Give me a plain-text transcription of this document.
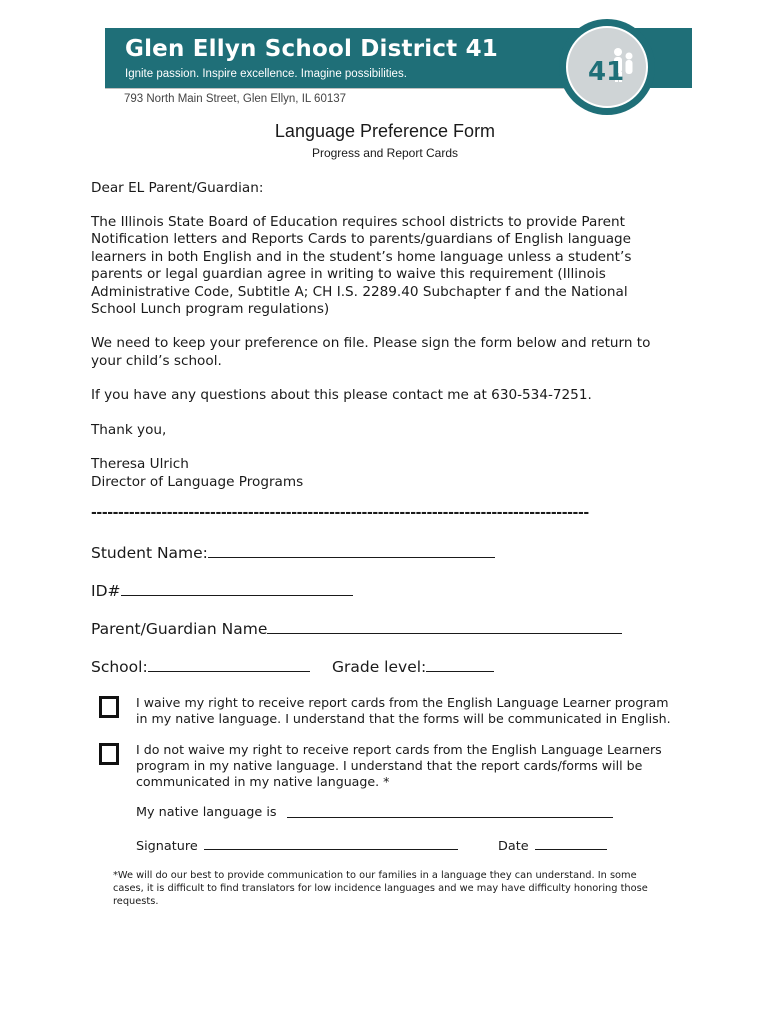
Glen Ellyn School District 41
Ignite passion. Inspire excellence. Imagine possibilities.
793 North Main Street, Glen Ellyn, IL 60137
41
Language Preference Form
Progress and Report Cards
Dear EL Parent/Guardian:
The Illinois State Board of Education requires school districts to provide Parent
Notification letters and Reports Cards to parents/guardians of English language
learners in both English and in the student’s home language unless a student’s
parents or legal guardian agree in writing to waive this requirement (Illinois
Administrative Code, Subtitle A; CH I.S. 2289.40 Subchapter f and the National
School Lunch program regulations)
We need to keep your preference on file. Please sign the form below and return to
your child’s school.
If you have any questions about this please contact me at 630-534-7251.
Thank you,
Theresa Ulrich
Director of Language Programs
--------------------------------------------------------------------------------------------
Student Name:
ID#
Parent/Guardian Name
School:	Grade level:
I waive my right to receive report cards from the English Language Learner program
in my native language. I understand that the forms will be communicated in English.
I do not waive my right to receive report cards from the English Language Learners
program in my native language. I understand that the report cards/forms will be
communicated in my native language. *
My native language is
Signature	Date
*We will do our best to provide communication to our families in a language they can understand. In some
cases, it is difficult to find translators for low incidence languages and we may have difficulty honoring those
requests.
